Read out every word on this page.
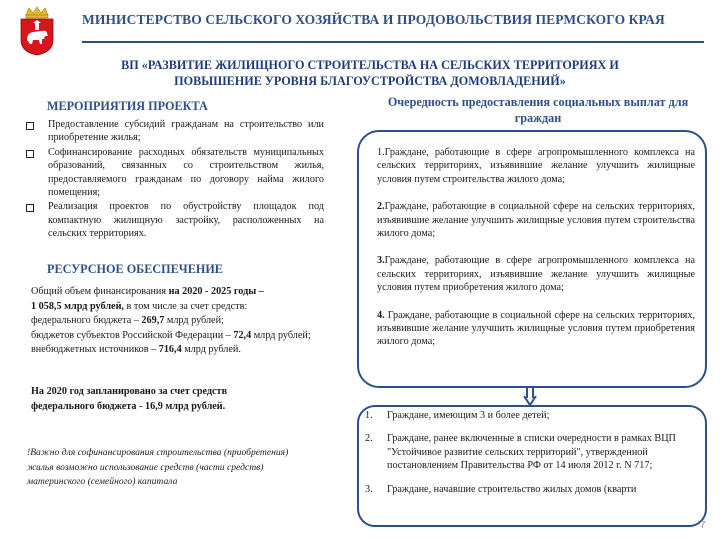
МИНИСТЕРСТВО СЕЛЬСКОГО ХОЗЯЙСТВА И ПРОДОВОЛЬСТВИЯ ПЕРМСКОГО КРАЯ
ВП «РАЗВИТИЕ ЖИЛИЩНОГО СТРОИТЕЛЬСТВА НА СЕЛЬСКИХ ТЕРРИТОРИЯХ И
ПОВЫШЕНИЕ УРОВНЯ БЛАГОУСТРОЙСТВА ДОМОВЛАДЕНИЙ»
МЕРОПРИЯТИЯ ПРОЕКТА
Предоставление субсидий гражданам на строительство или приобретение жилья;
Софинансирование расходных обязательств муниципальных образований, связанных со строительством жилья, предоставляемого гражданам по договору найма жилого помещения;
Реализация проектов по обустройству площадок под компактную жилищную застройку, расположенных на сельских территориях.
РЕСУРСНОЕ ОБЕСПЕЧЕНИЕ

Общий объем финансирования на 2020 - 2025 годы –

1 058,5 млрд рублей, в том числе за счет средств:

федерального бюджета – 269,7 млрд рублей;

бюджетов субъектов Российской Федерации – 72,4 млрд рублей;

внебюджетных источников – 716,4 млрд рублей.

На 2020 год запланировано за счет средств
федерального бюджета - 16,9 млрд рублей.
!Важно для софинансирования строительства (приобретения) жилья возможно использование средств (части средств) материнского (семейного) капитала
Очередность предоставления социальных выплат для
граждан

1.Граждане, работающие в сфере агропромышленного комплекса на сельских территориях, изъявившие желание улучшить жилищные условия путем строительства жилого дома;

2.Граждане, работающие в социальной сфере на сельских территориях, изъявившие желание улучшить жилищные условия путем строительства жилого дома;

3.Граждане, работающие в сфере агропромышленного комплекса на сельских территориях, изъявившие желание улучшить жилищные условия путем приобретения жилого дома;

4. Граждане, работающие в социальной сфере на сельских территориях, изъявившие желание улучшить жилищные условия путем приобретения жилого дома;

1. Граждане, имеющим 3 и более детей;
2. Граждане, ранее включенные в списки очередности в рамках ВЦП "Устойчивое развитие сельских территорий", утвержденной постановлением Правительства РФ от 14 июля 2012 г. N 717;
3. Граждане, начавшие строительство жилых домов (кварти
7
